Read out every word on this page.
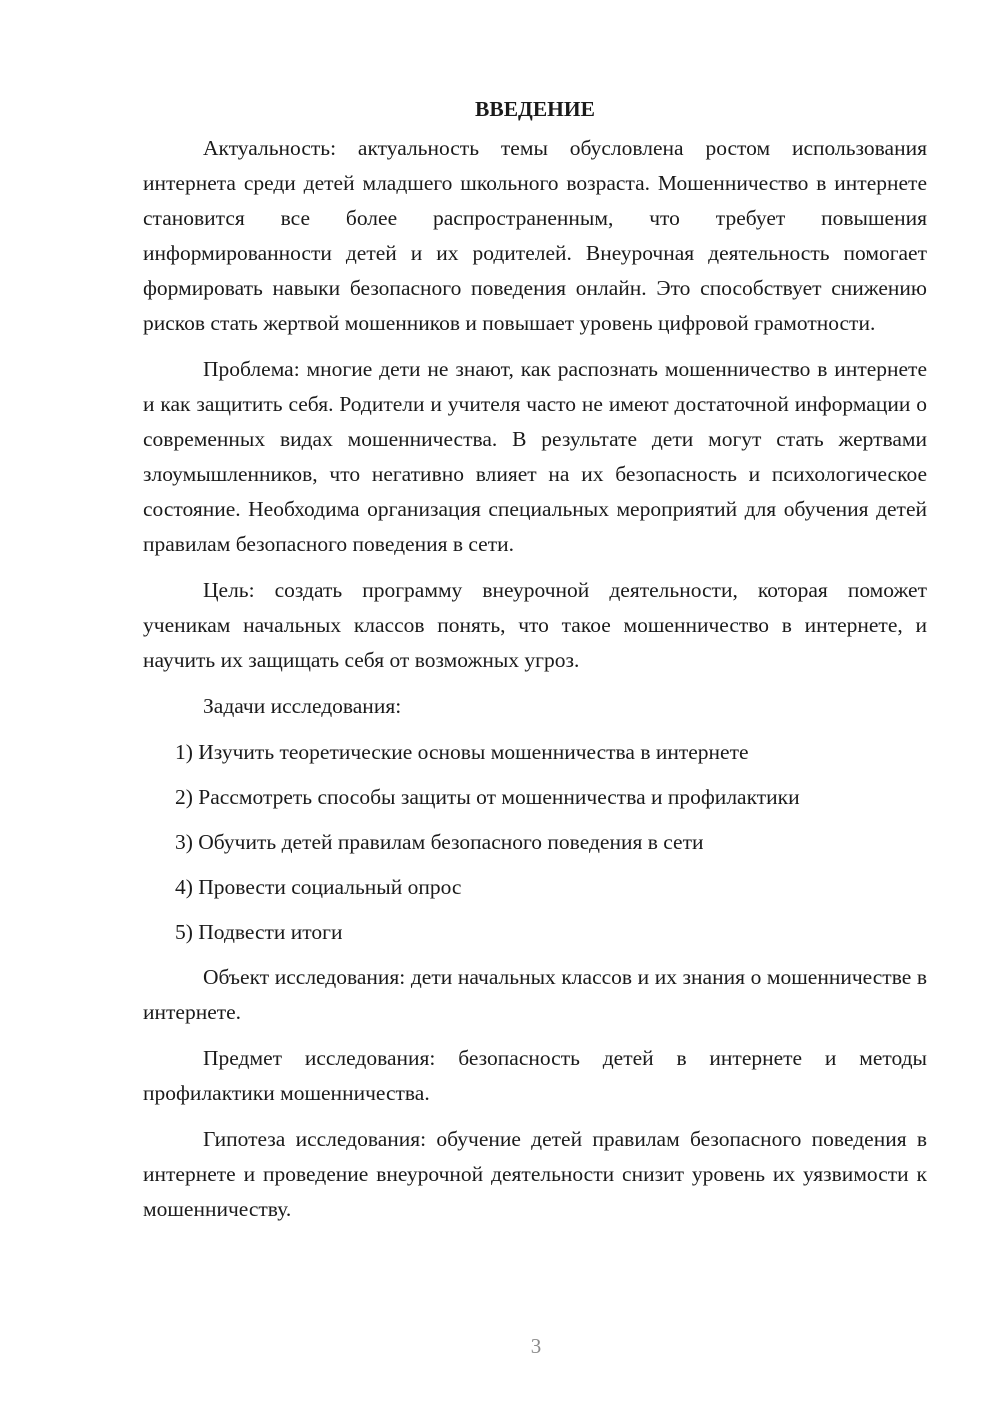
ВВЕДЕНИЕ

Актуальность: актуальность темы обусловлена ростом использования интернета среди детей младшего школьного возраста. Мошенничество в интернете становится все более распространенным, что требует повышения информированности детей и их родителей. Внеурочная деятельность помогает формировать навыки безопасного поведения онлайн. Это способствует снижению рисков стать жертвой мошенников и повышает уровень цифровой грамотности.

Проблема: многие дети не знают, как распознать мошенничество в интернете и как защитить себя. Родители и учителя часто не имеют достаточной информации о современных видах мошенничества. В результате дети могут стать жертвами злоумышленников, что негативно влияет на их безопасность и психологическое состояние. Необходима организация специальных мероприятий для обучения детей правилам безопасного поведения в сети.

Цель: создать программу внеурочной деятельности, которая поможет ученикам начальных классов понять, что такое мошенничество в интернете, и научить их защищать себя от возможных угроз.

Задачи исследования:

1) Изучить теоретические основы мошенничества в интернете

2) Рассмотреть способы защиты от мошенничества и профилактики

3) Обучить детей правилам безопасного поведения в сети

4) Провести социальный опрос

5) Подвести итоги

Объект исследования: дети начальных классов и их знания о мошенничестве в интернете.

Предмет исследования: безопасность детей в интернете и методы профилактики мошенничества.

Гипотеза исследования: обучение детей правилам безопасного поведения в интернете и проведение внеурочной деятельности снизит уровень их уязвимости к мошенничеству.

3
